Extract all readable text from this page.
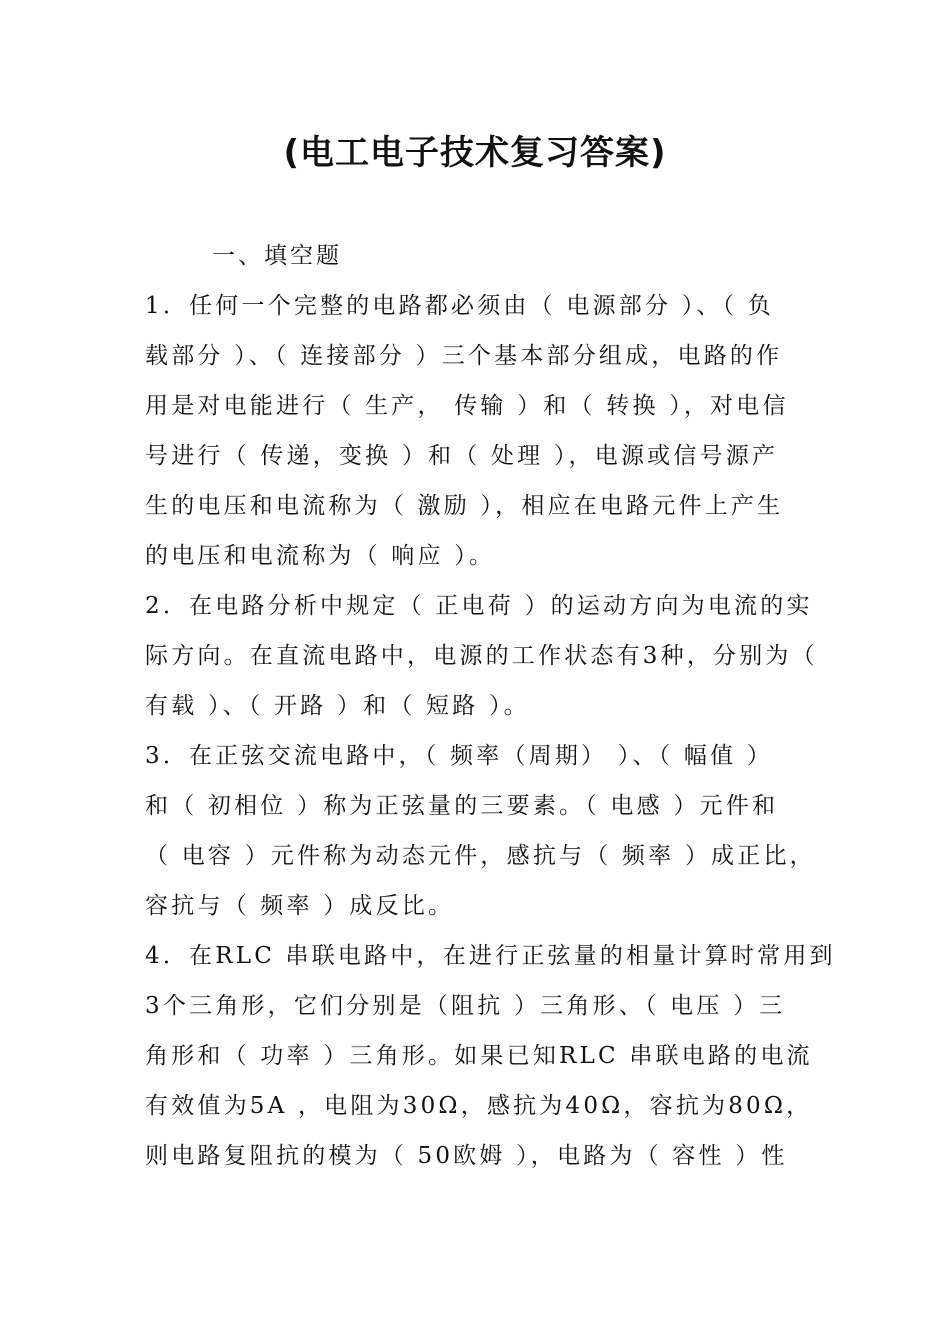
(电工电子技术复习答案)
一、填空题

1．任何一个完整的电路都必须由（ 电源部分 ）、（ 负

载部分 ）、（ 连接部分 ）三个基本部分组成，电路的作

用是对电能进行（ 生产， 传输 ）和（ 转换 ），对电信

号进行（ 传递，变换 ）和（ 处理 ），电源或信号源产

生的电压和电流称为（ 激励 ），相应在电路元件上产生

的电压和电流称为（ 响应 ）。

2．在电路分析中规定（ 正电荷 ）的运动方向为电流的实

际方向。在直流电路中，电源的工作状态有3种，分别为（

有载 ）、（ 开路 ）和（ 短路 ）。

3．在正弦交流电路中，（ 频率（周期） ）、（ 幅值 ）

和（ 初相位 ）称为正弦量的三要素。（ 电感 ）元件和

（ 电容 ）元件称为动态元件，感抗与（ 频率 ）成正比，

容抗与（ 频率 ）成反比。

4．在RLC 串联电路中，在进行正弦量的相量计算时常用到

3个三角形，它们分别是（阻抗 ）三角形、（ 电压 ）三

角形和（ 功率 ）三角形。如果已知RLC 串联电路的电流

有效值为5A ，电阻为30Ω，感抗为40Ω，容抗为80Ω，

则电路复阻抗的模为（ 50欧姆 ），电路为（ 容性 ）性
